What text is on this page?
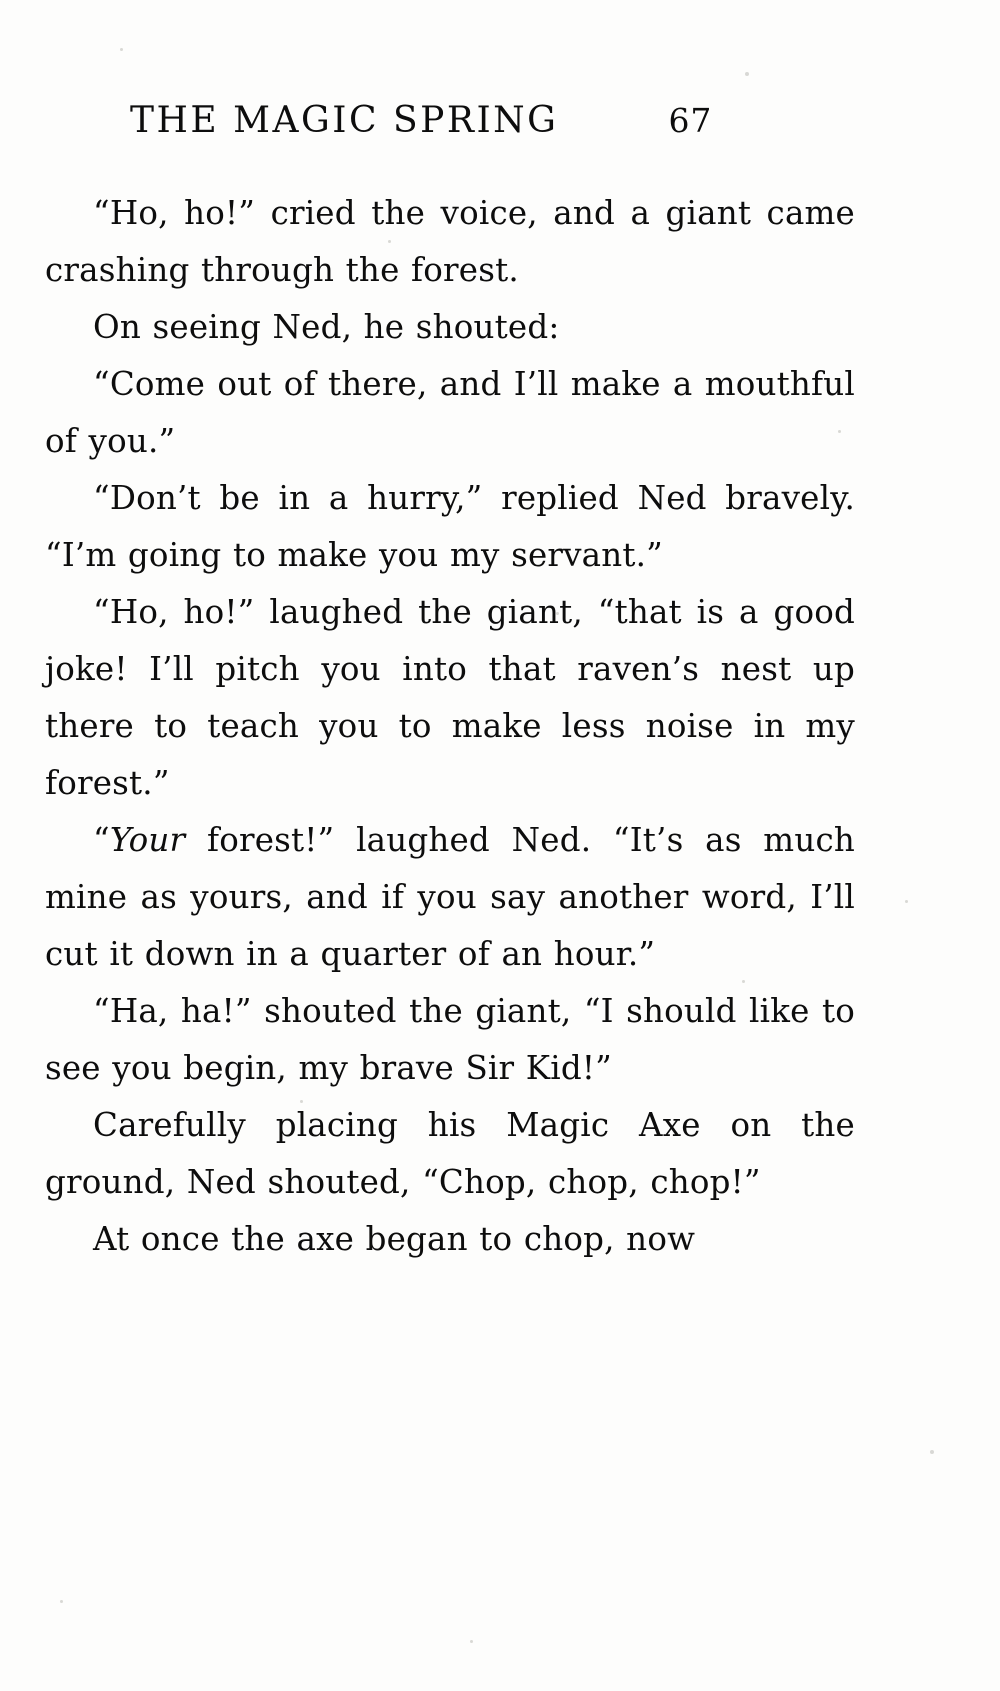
THE MAGIC SPRING	67

“Ho, ho!” cried the voice, and a giant came crashing through the forest.

On seeing Ned, he shouted:

“Come out of there, and I’ll make a mouthful of you.”

“Don’t be in a hurry,” replied Ned bravely. “I’m going to make you my servant.”

“Ho, ho!” laughed the giant, “that is a good joke! I’ll pitch you into that raven’s nest up there to teach you to make less noise in my forest.”

“Your forest!” laughed Ned. “It’s as much mine as yours, and if you say another word, I’ll cut it down in a quarter of an hour.”

“Ha, ha!” shouted the giant, “I should like to see you begin, my brave Sir Kid!”

Carefully placing his Magic Axe on the ground, Ned shouted, “Chop, chop, chop!”

At once the axe began to chop, now
